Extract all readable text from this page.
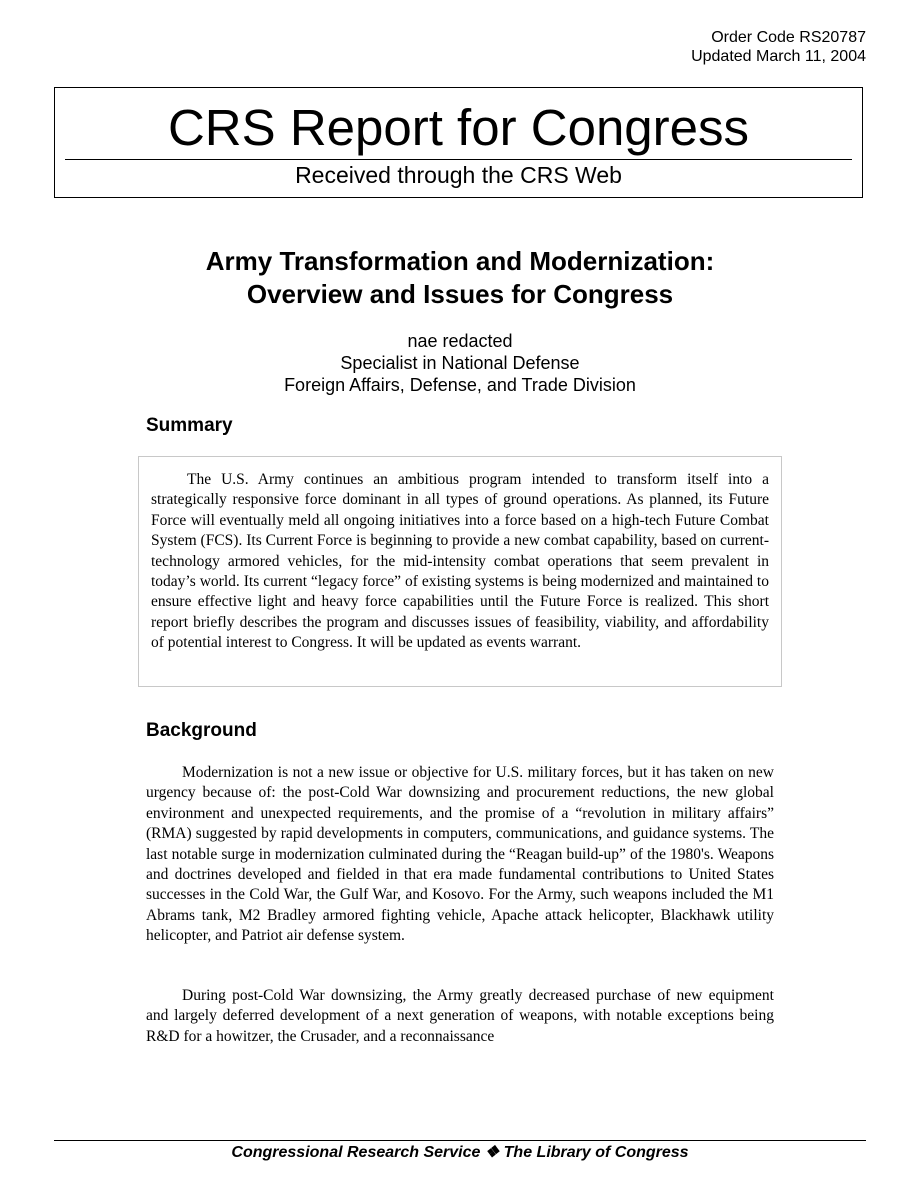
Order Code RS20787
Updated March 11, 2004
CRS Report for Congress
Received through the CRS Web
Army Transformation and Modernization:
Overview and Issues for Congress
nae redacted
Specialist in National Defense
Foreign Affairs, Defense, and Trade Division
Summary

The U.S. Army continues an ambitious program intended to transform itself into a strategically responsive force dominant in all types of ground operations. As planned, its Future Force will eventually meld all ongoing initiatives into a force based on a high-tech Future Combat System (FCS). Its Current Force is beginning to provide a new combat capability, based on current-technology armored vehicles, for the mid-intensity combat operations that seem prevalent in today’s world. Its current “legacy force” of existing systems is being modernized and maintained to ensure effective light and heavy force capabilities until the Future Force is realized. This short report briefly describes the program and discusses issues of feasibility, viability, and affordability of potential interest to Congress. It will be updated as events warrant.

Background

Modernization is not a new issue or objective for U.S. military forces, but it has taken on new urgency because of: the post-Cold War downsizing and procurement reductions, the new global environment and unexpected requirements, and the promise of a “revolution in military affairs” (RMA) suggested by rapid developments in computers, communications, and guidance systems. The last notable surge in modernization culminated during the “Reagan build-up” of the 1980's. Weapons and doctrines developed and fielded in that era made fundamental contributions to United States successes in the Cold War, the Gulf War, and Kosovo. For the Army, such weapons included the M1 Abrams tank, M2 Bradley armored fighting vehicle, Apache attack helicopter, Blackhawk utility helicopter, and Patriot air defense system.

During post-Cold War downsizing, the Army greatly decreased purchase of new equipment and largely deferred development of a next generation of weapons, with notable exceptions being R&D for a howitzer, the Crusader, and a reconnaissance

Congressional Research Service ❖ The Library of Congress
